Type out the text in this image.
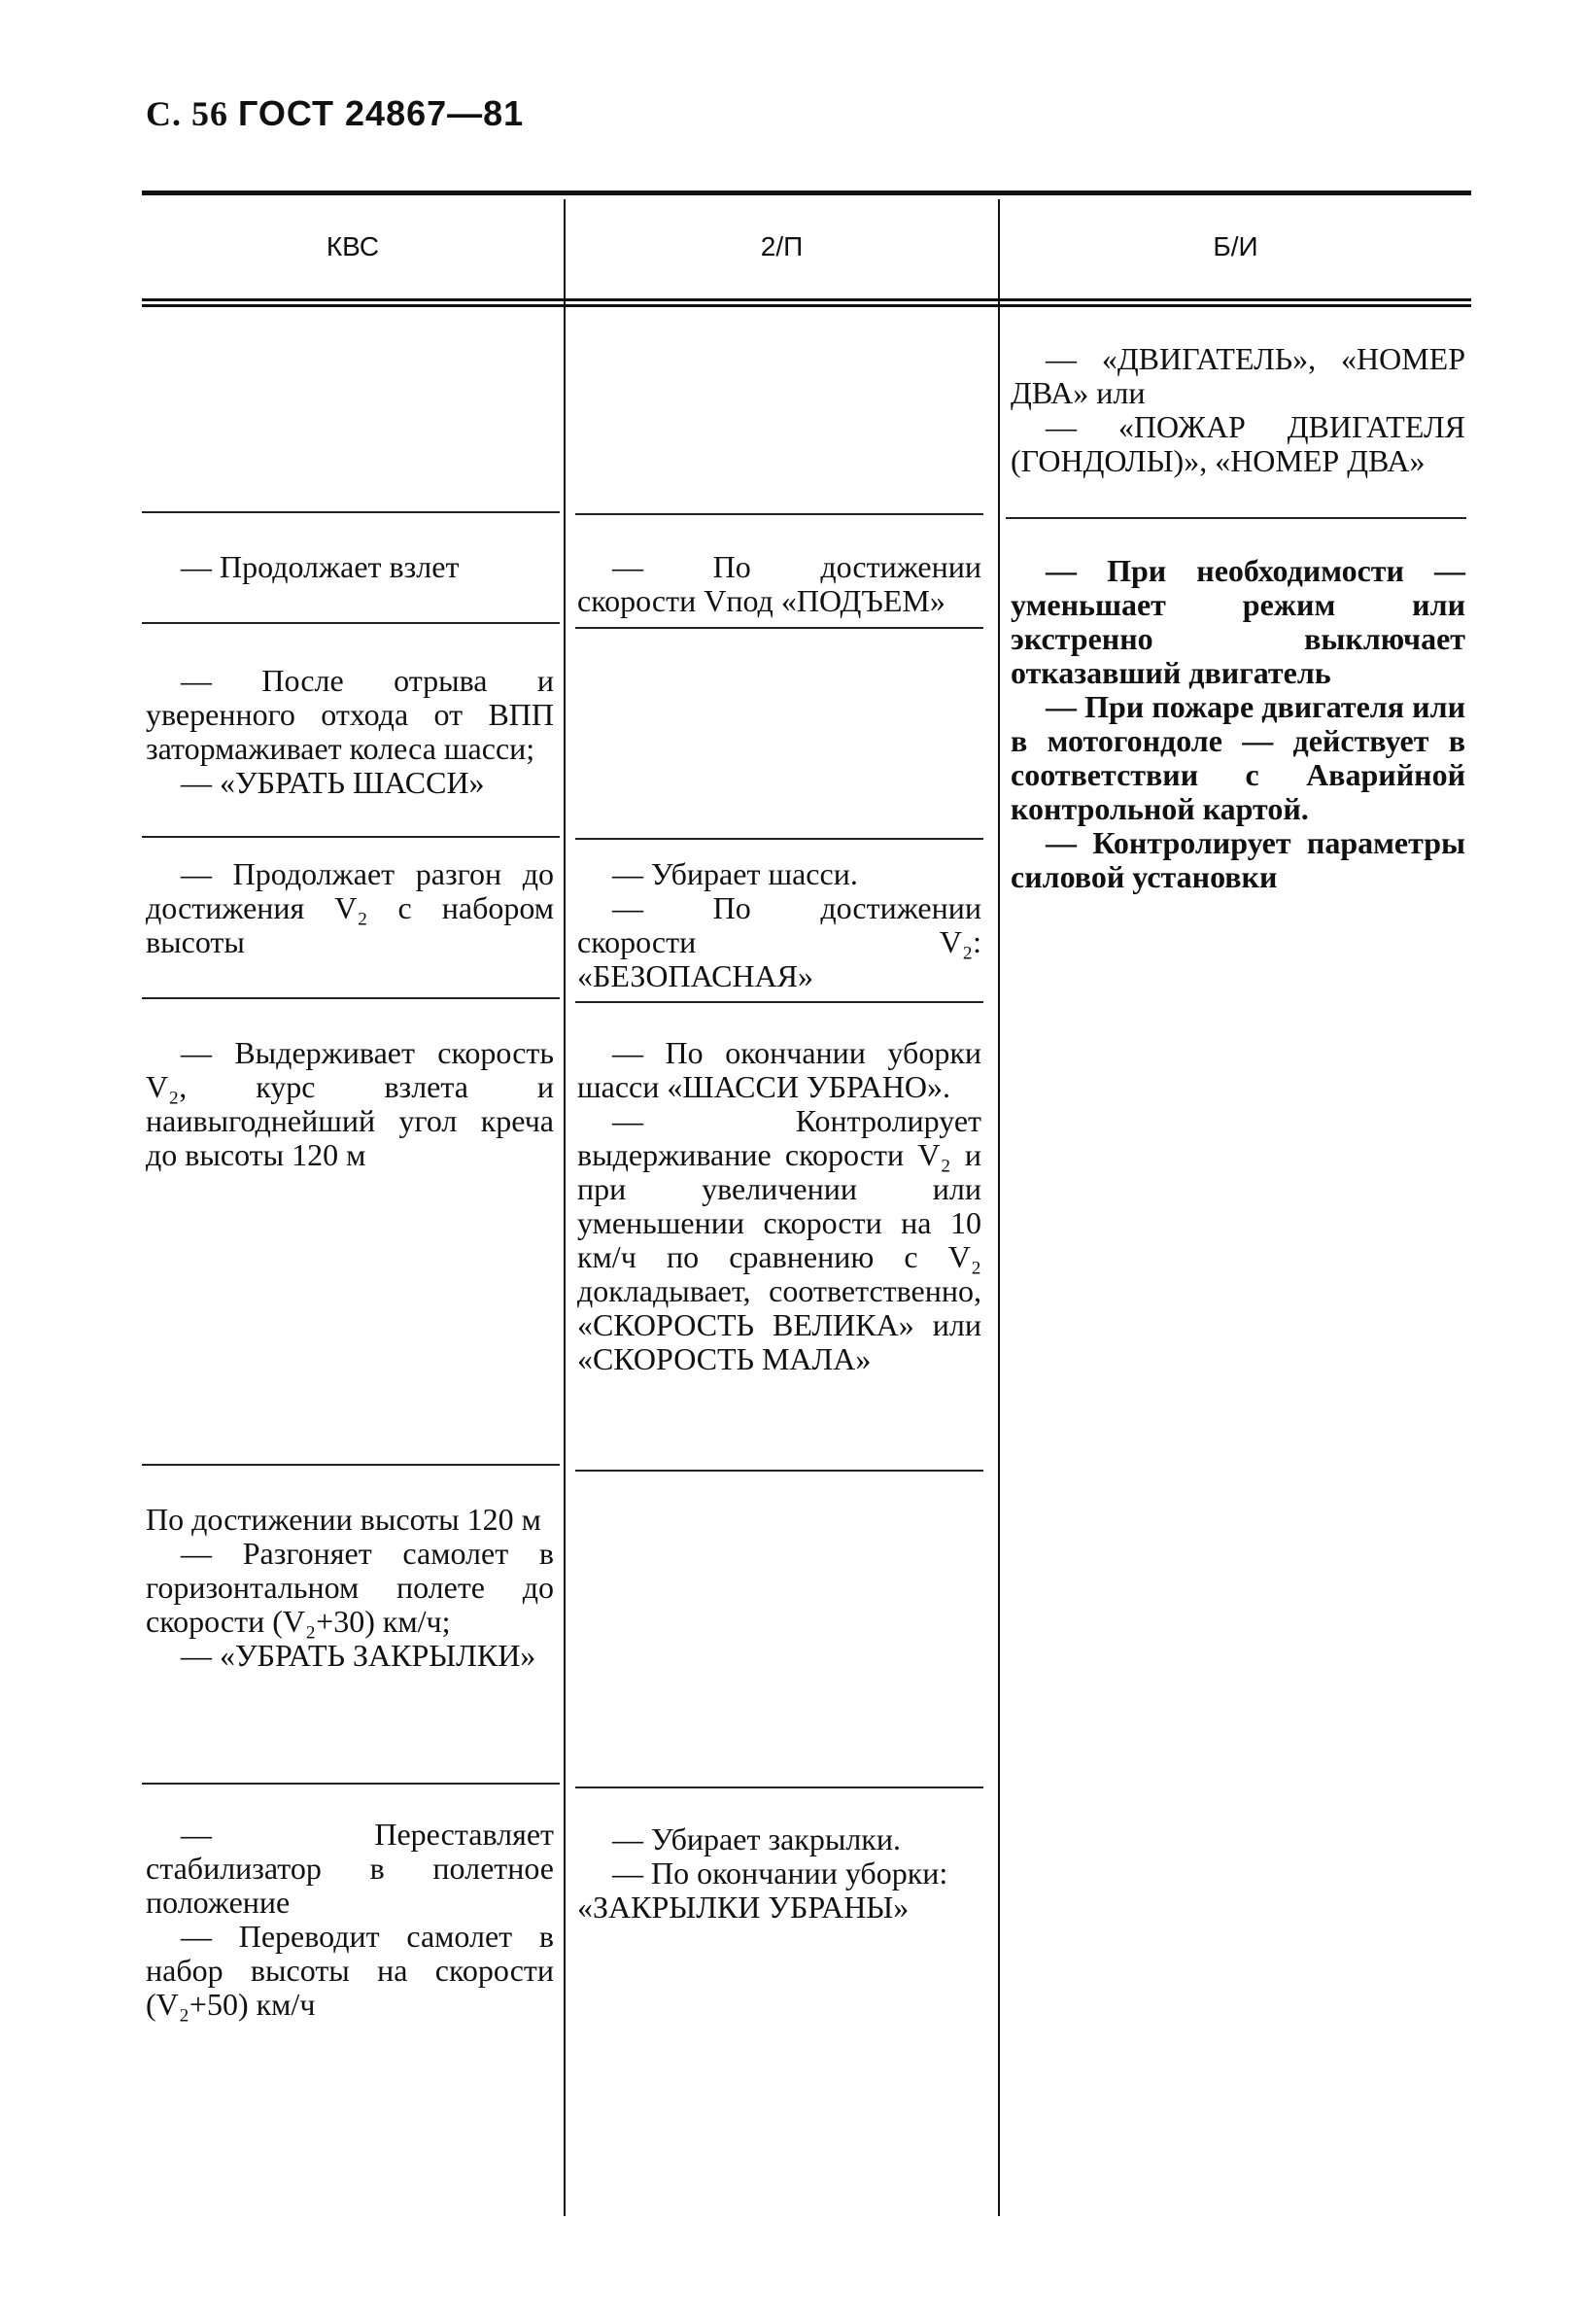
С. 56 ГОСТ 24867—81
КВС	2/П	Б/И

— «ДВИГАТЕЛЬ», «НОМЕР ДВА» или

— «ПОЖАР ДВИГАТЕЛЯ (ГОНДОЛЫ)», «НОМЕР ДВА»

— При необходимости — уменьшает режим или экстренно выключает отказавший двигатель

— При пожаре двигателя или в мотогондоле — действует в соответствии с Аварийной контрольной картой.

— Контролирует параметры силовой установки

— Продолжает взлет

— После отрыва и уверенного отхода от ВПП затормаживает колеса шасси;

— «УБРАТЬ ШАССИ»

— Продолжает разгон до достижения V₂ с набором высоты

— Выдерживает скорость V₂, курс взлета и наивыгоднейший угол креча до высоты 120 м

По достижении высоты 120 м

— Разгоняет самолет в горизонтальном полете до скорости (V₂+30) км/ч;

— «УБРАТЬ ЗАКРЫЛКИ»

— Переставляет стабилизатор в полетное положение

— Переводит самолет в набор высоты на скорости (V₂+50) км/ч

— По достижении скорости Vпод «ПОДЪЕМ»

— Убирает шасси.

— По достижении скорости V₂: «БЕЗОПАСНАЯ»

— По окончании уборки шасси «ШАССИ УБРАНО».

— Контролирует выдерживание скорости V₂ и при увеличении или уменьшении скорости на 10 км/ч по сравнению с V₂ докладывает, соответственно, «СКОРОСТЬ ВЕЛИКА» или «СКОРОСТЬ МАЛА»

— Убирает закрылки.

— По окончании уборки:

«ЗАКРЫЛКИ УБРАНЫ»
